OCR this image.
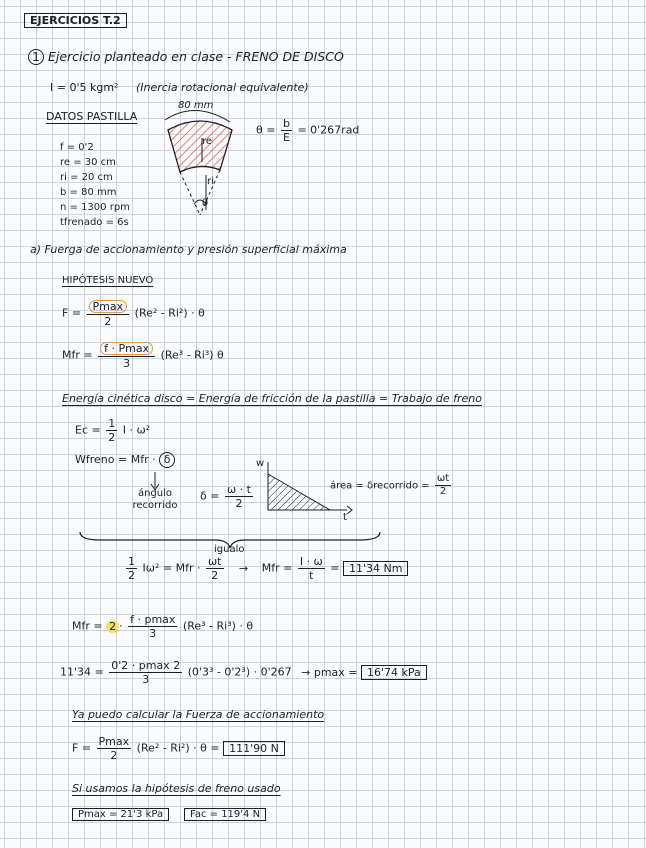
EJERCICIOS T.2
1 Ejercicio planteado en clase - FRENO DE DISCO
I = 0'5 kgm² (Inercia rotacional equivalente)
DATOS PASTILLA
f = 0'2
re = 30 cm
ri = 20 cm
b = 80 mm
n = 1300 rpm
tfrenado = 6s
80 mm
re
ri
θ
$\theta = \frac{b}{E} = 0'267rad$
a) Fuerga de accionamiento y presión superficial máxima
HIPÓTESIS NUEVO
$F = \frac{Pmax}{2} (Re^2 - Ri^2) \cdot \theta$
Mfr = $\frac{f \cdot Pmax}{3} (Re^3 - Ri^3)$ θ
Energía cinética disco = Energía de fricción de la pastilla = Trabajo de freno
$Ec = \frac{1}{2}$ I · ω²
Wfreno = Mfr · δ
ángulo recorrido
$\delta = \frac{\omega \cdot t}{2}$
w
t
área = δrecorrido = $\frac{\omega t}{2}$
igualo
$\frac{1}{2} I\omega^2$ = Mfr · $\frac{\omega t}{2}$ → Mfr = $\frac{I \cdot \omega}{t} = 11'34$ Nm
Mfr = $2 \cdot \frac{f \cdot pmax}{3} (Re^3 - Ri^3) \cdot \theta$
$11'34 = \frac{0'2 \cdot pmax 2}{3} (0'3^3 - 0'2^3) \cdot 0'267 \to pmax = 16'74$ kPa
Ya puedo calcular la Fuerza de accionamiento
$F = \frac{Pmax}{2} (Re^2 - Ri^2) \cdot \theta = 111'90$ N
Si usamos la hipótesis de freno usado
Pmax = 21'3 kPa	Fac = 119'4 N
